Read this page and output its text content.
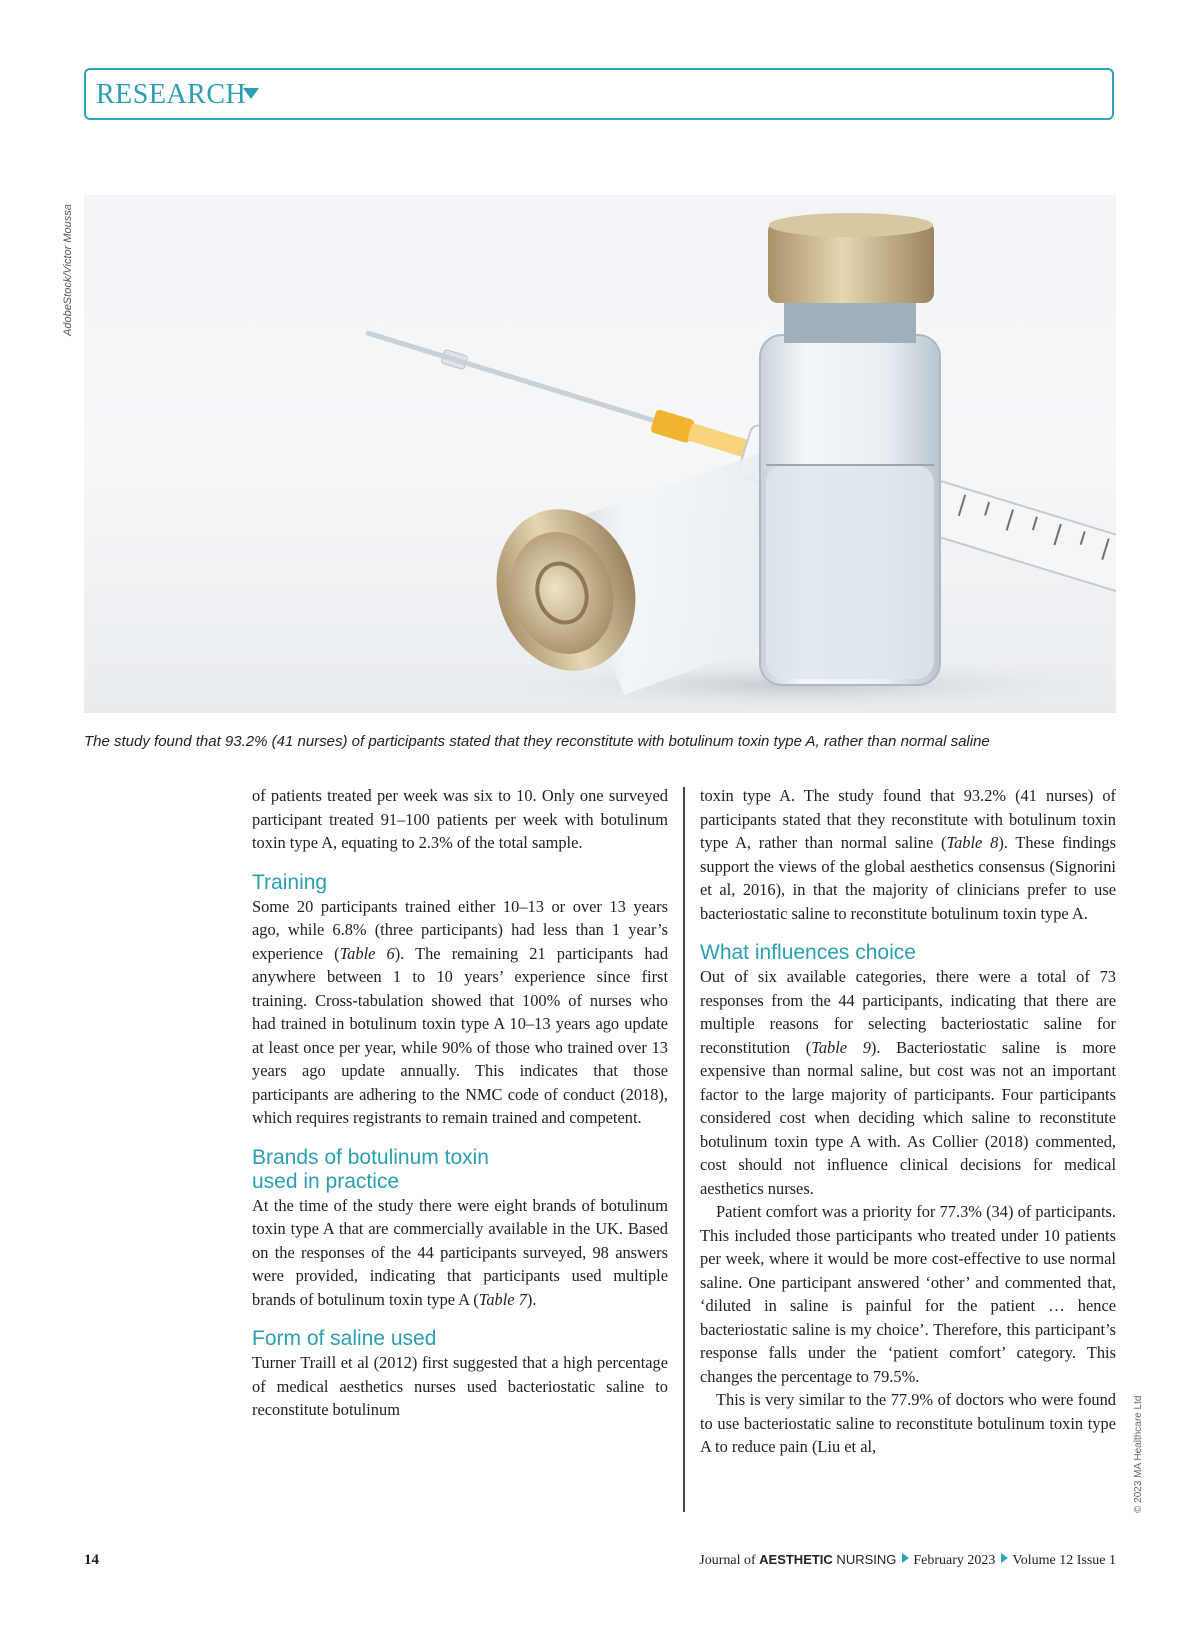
RESEARCH
AdobeStock/Victor Moussa
The study found that 93.2% (41 nurses) of participants stated that they reconstitute with botulinum toxin type A, rather than normal saline

of patients treated per week was six to 10. Only one surveyed participant treated 91–100 patients per week with botulinum toxin type A, equating to 2.3% of the total sample.

Training

Some 20 participants trained either 10–13 or over 13 years ago, while 6.8% (three participants) had less than 1 year’s experience (Table 6). The remaining 21 participants had anywhere between 1 to 10 years’ experience since first training. Cross-tabulation showed that 100% of nurses who had trained in botulinum toxin type A 10–13 years ago update at least once per year, while 90% of those who trained over 13 years ago update annually. This indicates that those participants are adhering to the NMC code of conduct (2018), which requires registrants to remain trained and competent.

Brands of botulinum toxin
used in practice

At the time of the study there were eight brands of botulinum toxin type A that are commercially available in the UK. Based on the responses of the 44 participants surveyed, 98 answers were provided, indicating that participants used multiple brands of botulinum toxin type A (Table 7).

Form of saline used

Turner Traill et al (2012) first suggested that a high percentage of medical aesthetics nurses used bacteriostatic saline to reconstitute botulinum

toxin type A. The study found that 93.2% (41 nurses) of participants stated that they reconstitute with botulinum toxin type A, rather than normal saline (Table 8). These findings support the views of the global aesthetics consensus (Signorini et al, 2016), in that the majority of clinicians prefer to use bacteriostatic saline to reconstitute botulinum toxin type A.

What influences choice

Out of six available categories, there were a total of 73 responses from the 44 participants, indicating that there are multiple reasons for selecting bacteriostatic saline for reconstitution (Table 9). Bacteriostatic saline is more expensive than normal saline, but cost was not an important factor to the large majority of participants. Four participants considered cost when deciding which saline to reconstitute botulinum toxin type A with. As Collier (2018) commented, cost should not influence clinical decisions for medical aesthetics nurses.

Patient comfort was a priority for 77.3% (34) of participants. This included those participants who treated under 10 patients per week, where it would be more cost-effective to use normal saline. One participant answered ‘other’ and commented that, ‘diluted in saline is painful for the patient … hence bacteriostatic saline is my choice’. Therefore, this participant’s response falls under the ‘patient comfort’ category. This changes the percentage to 79.5%.

This is very similar to the 77.9% of doctors who were found to use bacteriostatic saline to reconstitute botulinum toxin type A to reduce pain (Liu et al,	© 2023 MA Healthcare Ltd
14	Journal of AESTHETIC NURSING February 2023 Volume 12 Issue 1
